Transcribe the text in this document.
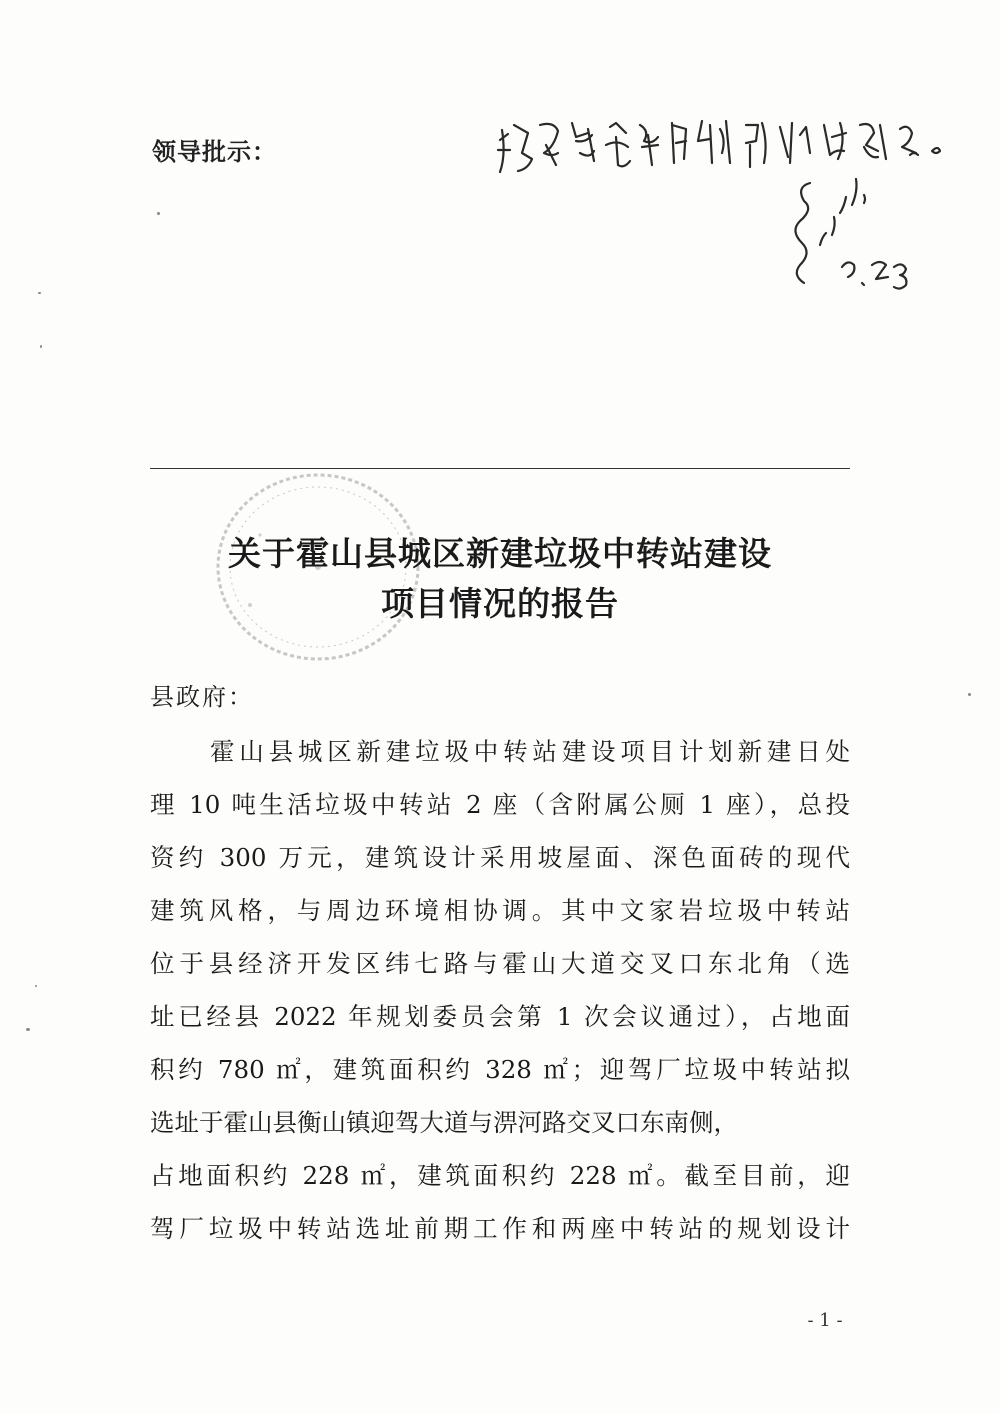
领导批示：
请自然资源局规划中心按程序办理。
关于霍山县城区新建垃圾中转站建设
项目情况的报告
县政府：
霍山县城区新建垃圾中转站建设项目计划新建日处
理 10 吨生活垃圾中转站 2 座（含附属公厕 1 座），总投
资约 300 万元，建筑设计采用坡屋面、深色面砖的现代
建筑风格，与周边环境相协调。其中文家岩垃圾中转站
位于县经济开发区纬七路与霍山大道交叉口东北角（选
址已经县 2022 年规划委员会第 1 次会议通过），占地面
积约 780 ㎡，建筑面积约 328 ㎡；迎驾厂垃圾中转站拟
选址于霍山县衡山镇迎驾大道与淠河路交叉口东南侧，
占地面积约 228 ㎡，建筑面积约 228 ㎡。截至目前，迎
驾厂垃圾中转站选址前期工作和两座中转站的规划设计
- 1 -
